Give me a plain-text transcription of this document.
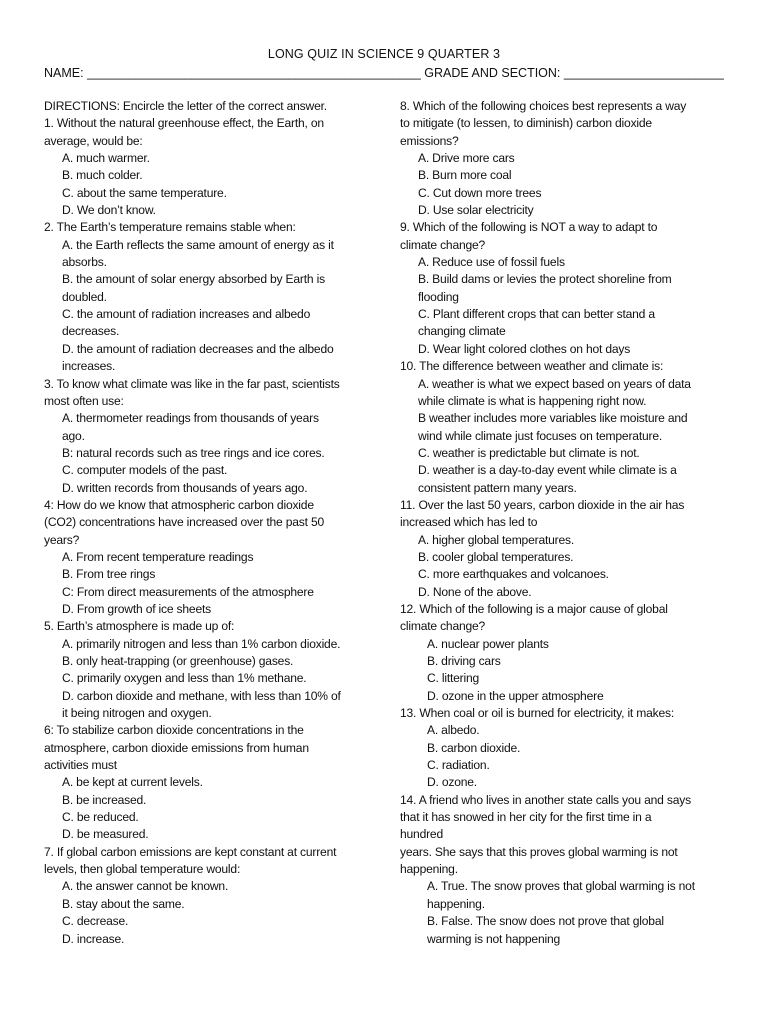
LONG QUIZ IN SCIENCE 9 QUARTER 3
NAME: ________________________________________________ GRADE AND SECTION: _______________________
DIRECTIONS: Encircle the letter of the correct answer.
1. Without the natural greenhouse effect, the Earth, on
average, would be:
A. much warmer.
B. much colder.
C. about the same temperature.
D. We don’t know.
2. The Earth’s temperature remains stable when:
A. the Earth reflects the same amount of energy as it
absorbs.
B. the amount of solar energy absorbed by Earth is
doubled.
C. the amount of radiation increases and albedo
decreases.
D. the amount of radiation decreases and the albedo
increases.
3. To know what climate was like in the far past, scientists
most often use:
A. thermometer readings from thousands of years
ago.
B: natural records such as tree rings and ice cores.
C. computer models of the past.
D. written records from thousands of years ago.
4: How do we know that atmospheric carbon dioxide
(CO2) concentrations have increased over the past 50
years?
A. From recent temperature readings
B. From tree rings
C: From direct measurements of the atmosphere
D. From growth of ice sheets
5. Earth’s atmosphere is made up of:
A. primarily nitrogen and less than 1% carbon dioxide.
B. only heat-trapping (or greenhouse) gases.
C. primarily oxygen and less than 1% methane.
D. carbon dioxide and methane, with less than 10% of
it being nitrogen and oxygen.
6: To stabilize carbon dioxide concentrations in the
atmosphere, carbon dioxide emissions from human
activities must
A. be kept at current levels.
B. be increased.
C. be reduced.
D. be measured.
7. If global carbon emissions are kept constant at current
levels, then global temperature would:
A. the answer cannot be known.
B. stay about the same.
C. decrease.
D. increase.
8. Which of the following choices best represents a way
to mitigate (to lessen, to diminish) carbon dioxide
emissions?
A. Drive more cars
B. Burn more coal
C. Cut down more trees
D. Use solar electricity
9. Which of the following is NOT a way to adapt to
climate change?
A. Reduce use of fossil fuels
B. Build dams or levies the protect shoreline from
flooding
C. Plant different crops that can better stand a
changing climate
D. Wear light colored clothes on hot days
10. The difference between weather and climate is:
A. weather is what we expect based on years of data
while climate is what is happening right now.
B weather includes more variables like moisture and
wind while climate just focuses on temperature.
C. weather is predictable but climate is not.
D. weather is a day-to-day event while climate is a
consistent pattern many years.
11. Over the last 50 years, carbon dioxide in the air has
increased which has led to
A. higher global temperatures.
B. cooler global temperatures.
C. more earthquakes and volcanoes.
D. None of the above.
12. Which of the following is a major cause of global
climate change?
A. nuclear power plants
B. driving cars
C. littering
D. ozone in the upper atmosphere
13. When coal or oil is burned for electricity, it makes:
A. albedo.
B. carbon dioxide.
C. radiation.
D. ozone.
14. A friend who lives in another state calls you and says
that it has snowed in her city for the first time in a
hundred
years. She says that this proves global warming is not
happening.
A. True. The snow proves that global warming is not
happening.
B. False. The snow does not prove that global
warming is not happening
